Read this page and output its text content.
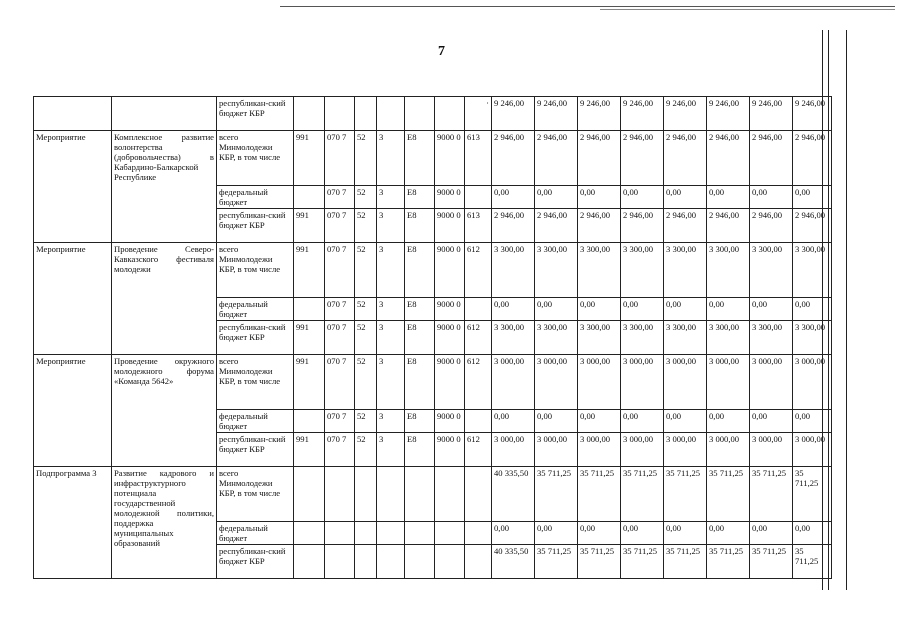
7
		республикан-ский бюджет КБР							·	9 246,00	9 246,00	9 246,00	9 246,00	9 246,00	9 246,00	9 246,00	9 246,00
Мероприятие	Комплексное развитие волонтерства (добровольчества) в Кабардино-Балкарской Республике	всего Минмолодежи КБР, в том числе	991	070 7	52	3	Е8	9000 0	613	2 946,00	2 946,00	2 946,00	2 946,00	2 946,00	2 946,00	2 946,00	2 946,00
		федеральный бюджет		070 7	52	3	Е8	9000 0		0,00	0,00	0,00	0,00	0,00	0,00	0,00	0,00
		республикан-ский бюджет КБР	991	070 7	52	3	Е8	9000 0	613	2 946,00	2 946,00	2 946,00	2 946,00	2 946,00	2 946,00	2 946,00	2 946,00
Мероприятие	Проведение Северо-Кавказского фестиваля молодежи	всего Минмолодежи КБР, в том числе	991	070 7	52	3	Е8	9000 0	612	3 300,00	3 300,00	3 300,00	3 300,00	3 300,00	3 300,00	3 300,00	3 300,00
		федеральный бюджет		070 7	52	3	Е8	9000 0		0,00	0,00	0,00	0,00	0,00	0,00	0,00	0,00
		республикан-ский бюджет КБР	991	070 7	52	3	Е8	9000 0	612	3 300,00	3 300,00	3 300,00	3 300,00	3 300,00	3 300,00	3 300,00	3 300,00
Мероприятие	Проведение окружного молодежного форума «Команда 5642»	всего Минмолодежи КБР, в том числе	991	070 7	52	3	Е8	9000 0	612	3 000,00	3 000,00	3 000,00	3 000,00	3 000,00	3 000,00	3 000,00	3 000,00
		федеральный бюджет		070 7	52	3	Е8	9000 0		0,00	0,00	0,00	0,00	0,00	0,00	0,00	0,00
		республикан-ский бюджет КБР	991	070 7	52	3	Е8	9000 0	612	3 000,00	3 000,00	3 000,00	3 000,00	3 000,00	3 000,00	3 000,00	3 000,00
Подпрограмма 3	Развитие кадрового и инфраструктурного потенциала государственной молодежной политики, поддержка муниципальных образований	всего Минмолодежи КБР, в том числе								40 335,50	35 711,25	35 711,25	35 711,25	35 711,25	35 711,25	35 711,25	35 711,25
		федеральный бюджет								0,00	0,00	0,00	0,00	0,00	0,00	0,00	0,00
		республикан-ский бюджет КБР								40 335,50	35 711,25	35 711,25	35 711,25	35 711,25	35 711,25	35 711,25	35 711,25
